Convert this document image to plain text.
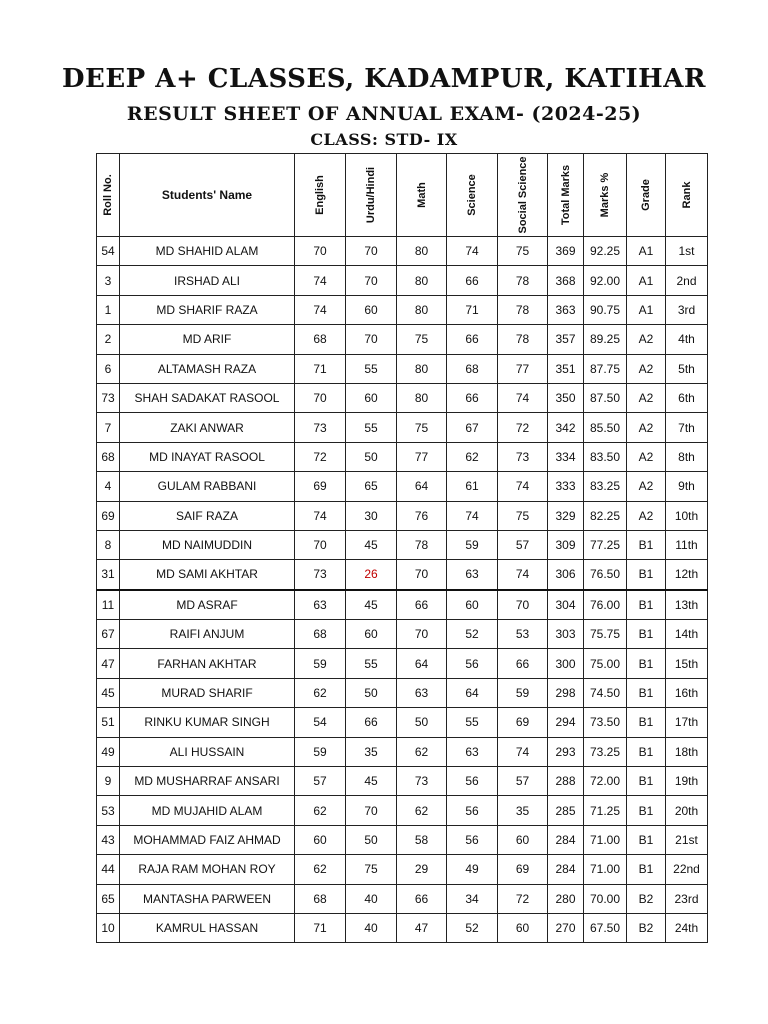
DEEP A+ CLASSES, KADAMPUR, KATIHAR
RESULT SHEET OF ANNUAL EXAM- (2024-25)
CLASS: STD- IX
Roll No.	Students' Name	English	Urdu/Hindi	Math	Science	Social Science	Total Marks	Marks %	Grade	Rank

54	MD SHAHID ALAM	70	70	80	74	75	369	92.25	A1	1st
3	IRSHAD ALI	74	70	80	66	78	368	92.00	A1	2nd
1	MD SHARIF RAZA	74	60	80	71	78	363	90.75	A1	3rd
2	MD ARIF	68	70	75	66	78	357	89.25	A2	4th
6	ALTAMASH RAZA	71	55	80	68	77	351	87.75	A2	5th
73	SHAH SADAKAT RASOOL	70	60	80	66	74	350	87.50	A2	6th
7	ZAKI ANWAR	73	55	75	67	72	342	85.50	A2	7th
68	MD INAYAT RASOOL	72	50	77	62	73	334	83.50	A2	8th
4	GULAM RABBANI	69	65	64	61	74	333	83.25	A2	9th
69	SAIF RAZA	74	30	76	74	75	329	82.25	A2	10th
8	MD NAIMUDDIN	70	45	78	59	57	309	77.25	B1	11th
31	MD SAMI AKHTAR	73	26	70	63	74	306	76.50	B1	12th
11	MD ASRAF	63	45	66	60	70	304	76.00	B1	13th
67	RAIFI ANJUM	68	60	70	52	53	303	75.75	B1	14th
47	FARHAN AKHTAR	59	55	64	56	66	300	75.00	B1	15th
45	MURAD SHARIF	62	50	63	64	59	298	74.50	B1	16th
51	RINKU KUMAR SINGH	54	66	50	55	69	294	73.50	B1	17th
49	ALI HUSSAIN	59	35	62	63	74	293	73.25	B1	18th
9	MD MUSHARRAF ANSARI	57	45	73	56	57	288	72.00	B1	19th
53	MD MUJAHID ALAM	62	70	62	56	35	285	71.25	B1	20th
43	MOHAMMAD FAIZ AHMAD	60	50	58	56	60	284	71.00	B1	21st
44	RAJA RAM MOHAN ROY	62	75	29	49	69	284	71.00	B1	22nd
65	MANTASHA PARWEEN	68	40	66	34	72	280	70.00	B2	23rd
10	KAMRUL HASSAN	71	40	47	52	60	270	67.50	B2	24th
